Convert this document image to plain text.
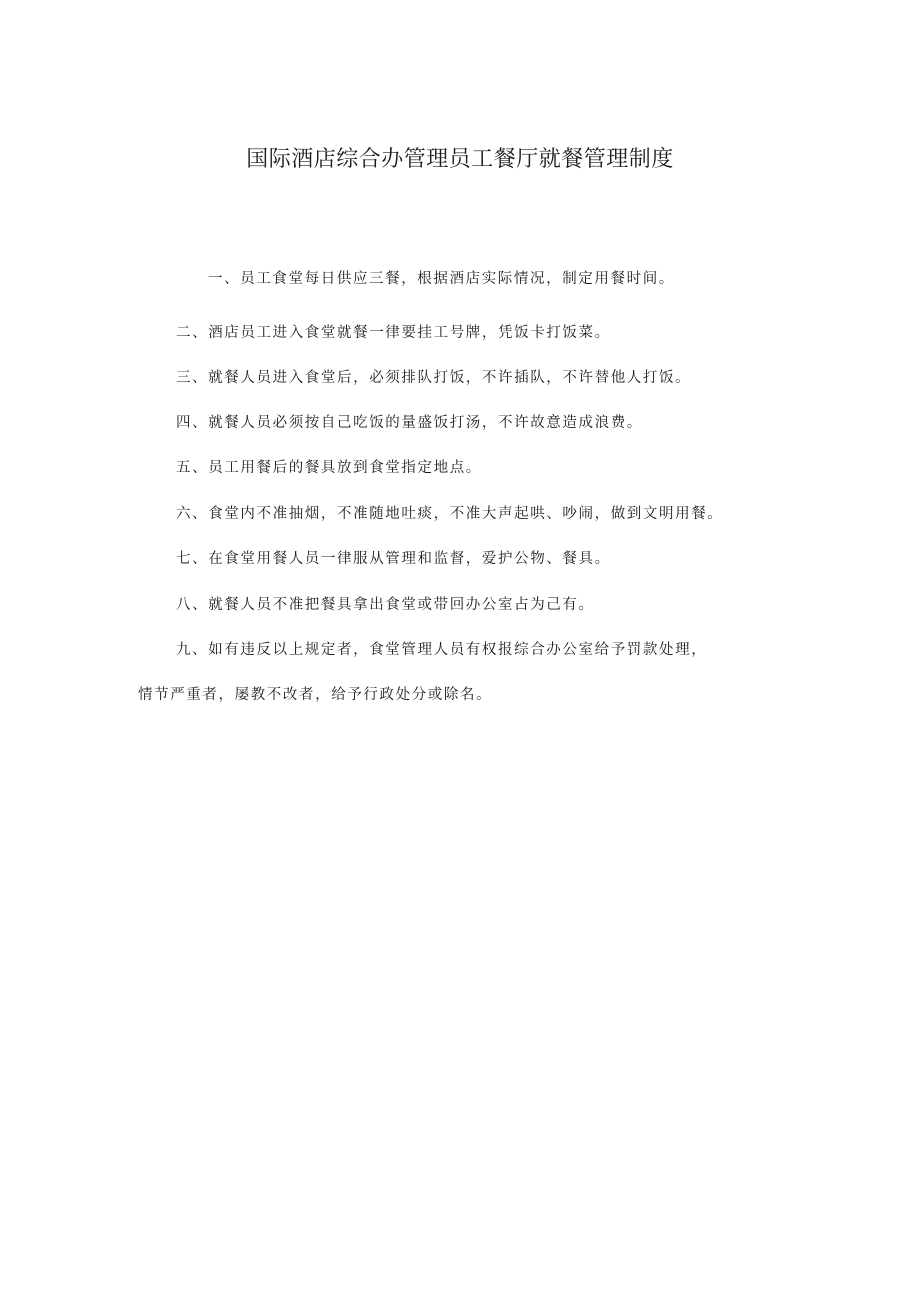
国际酒店综合办管理员工餐厅就餐管理制度
一、员工食堂每日供应三餐，根据酒店实际情况，制定用餐时间。
二、酒店员工进入食堂就餐一律要挂工号牌，凭饭卡打饭菜。
三、就餐人员进入食堂后，必须排队打饭，不许插队，不许替他人打饭。
四、就餐人员必须按自己吃饭的量盛饭打汤，不许故意造成浪费。
五、员工用餐后的餐具放到食堂指定地点。
六、食堂内不准抽烟，不准随地吐痰，不准大声起哄、吵闹，做到文明用餐。
七、在食堂用餐人员一律服从管理和监督，爱护公物、餐具。
八、就餐人员不准把餐具拿出食堂或带回办公室占为己有。
九、如有违反以上规定者，食堂管理人员有权报综合办公室给予罚款处理，
情节严重者，屡教不改者，给予行政处分或除名。
